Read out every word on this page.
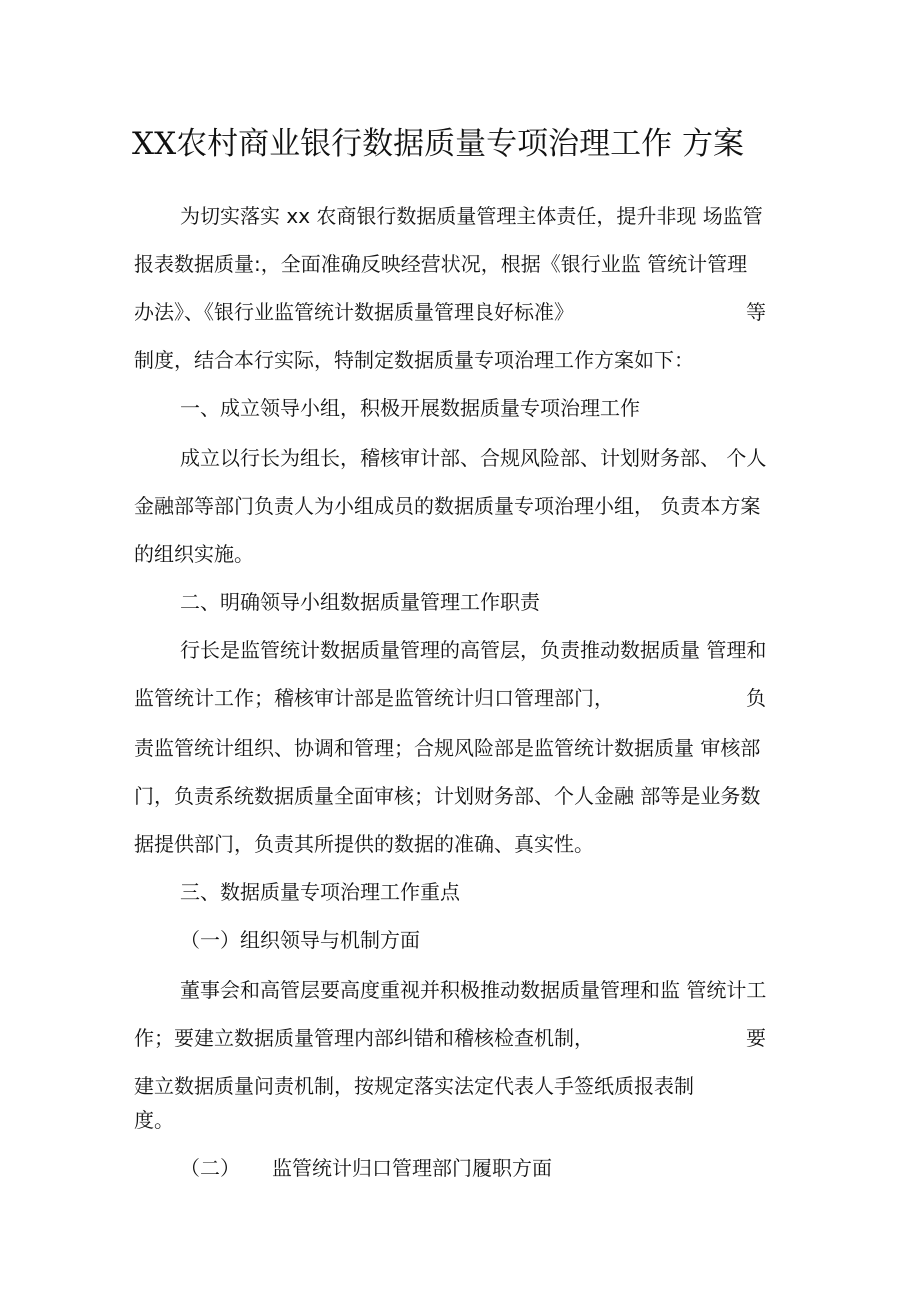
XX农村商业银行数据质量专项治理工作 方案
为切实落实 xx 农商银行数据质量管理主体责任，提升非现 场监管
报表数据质量:，全面准确反映经营状况，根据《银行业监 管统计管理
办法》、《银行业监管统计数据质量管理良好标准》	等
制度，结合本行实际，特制定数据质量专项治理工作方案如下：
一、成立领导小组，积极开展数据质量专项治理工作
成立以行长为组长，稽核审计部、合规风险部、计划财务部、 个人
金融部等部门负责人为小组成员的数据质量专项治理小组， 负责本方案
的组织实施。
二、明确领导小组数据质量管理工作职责
行长是监管统计数据质量管理的高管层，负责推动数据质量 管理和
监管统计工作；稽核审计部是监管统计归口管理部门，	负
责监管统计组织、协调和管理；合规风险部是监管统计数据质量 审核部
门，负责系统数据质量全面审核；计划财务部、个人金融 部等是业务数
据提供部门，负责其所提供的数据的准确、真实性。
三、数据质量专项治理工作重点
（一）组织领导与机制方面
董事会和高管层要高度重视并积极推动数据质量管理和监 管统计工
作；要建立数据质量管理内部纠错和稽核检查机制，	要
建立数据质量问责机制，按规定落实法定代表人手签纸质报表制
度。
（二） 监管统计归口管理部门履职方面
